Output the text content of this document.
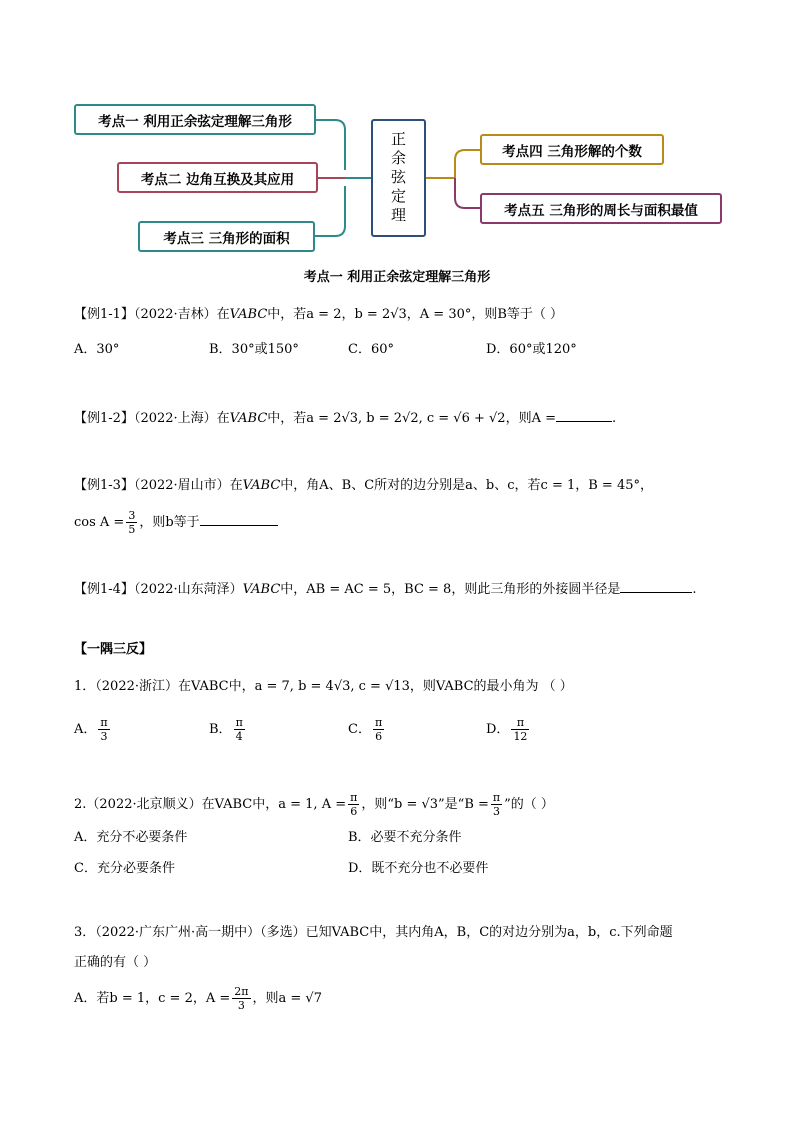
考点一 利用正余弦定理解三角形
考点二 边角互换及其应用
考点三 三角形的面积
正余弦定理	考点四 三角形解的个数
考点五 三角形的周长与面积最值
考点一 利用正余弦定理解三角形
【例1-1】（2022·吉林）在VABC中，若a = 2，b = 2√3，A = 30°，则B等于（ ）
A．30°	B．30°或150°	C．60°	D．60°或120°
【例1-2】（2022·上海）在VABC中，若a = 2√3, b = 2√2, c = √6 + √2，则A =	.
【例1-3】（2022·眉山市）在VABC中，角A、B、C所对的边分别是a、b、c，若c = 1，B = 45°，
$\cos A = \frac{3}{5}$ ，则b等于
【例1-4】（2022·山东菏泽）VABC中，AB = AC = 5，BC = 8，则此三角形的外接圆半径是	.
【一隅三反】
1．（2022·浙江）在VABC中，a = 7, b = 4√3, c = √13，则VABC的最小角为 （ ）
A． $\frac{\pi}{3}$	B． $\frac{\pi}{4}$	C． $\frac{\pi}{6}$	D． $\frac{\pi}{12}$
2.（2022·北京顺义）在VABC中，a = 1, $A = \frac{\pi}{6}$ ，则“b = √3”是“$B = \frac{\pi}{3}$ ”的（ ）
A．充分不必要条件	B．必要不充分条件
C．充分必要条件	D．既不充分也不必要件
3．（2022·广东广州·高一期中）（多选）已知VABC中，其内角A，B，C的对边分别为a，b，c.下列命题
正确的有（ ）
A．若b = 1，c = 2，$A = \frac{2\pi}{3}$ ，则a = √7
